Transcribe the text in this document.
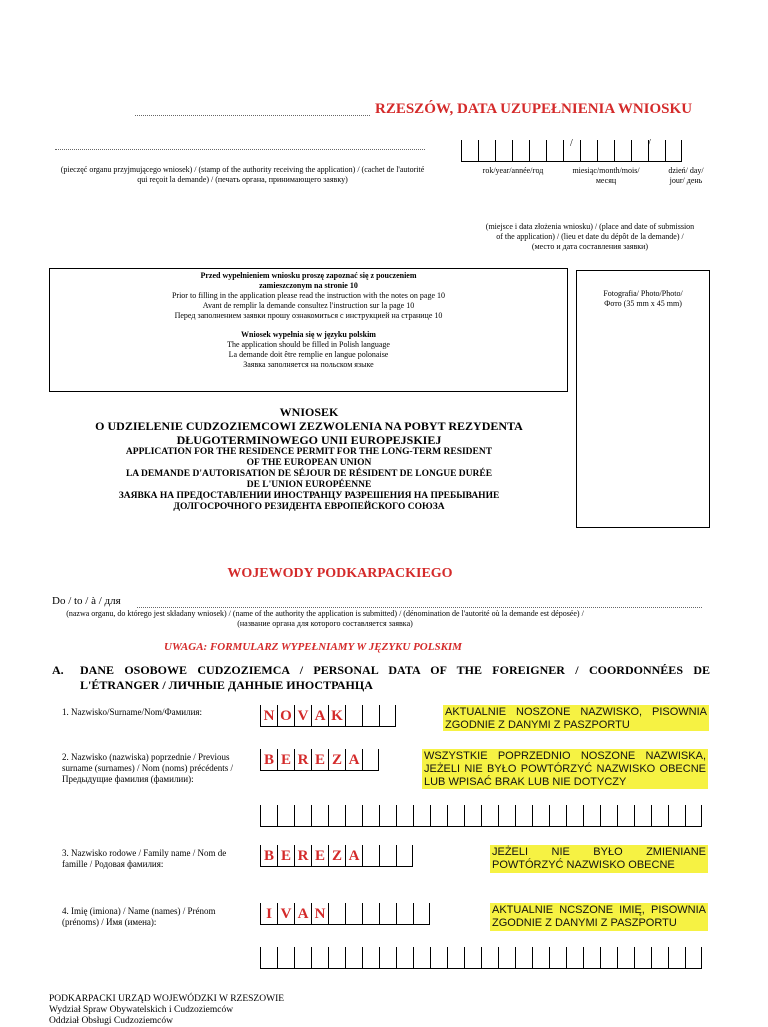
RZESZÓW, DATA UZUPEŁNIENIA WNIOSKU
(pieczęć organu przyjmującego wniosek) / (stamp of the authority receiving the application) / (cachet de l'autorité qui reçoit la demande) / (печать органа, принимающего заявку)
/	/
rok/year/année/год	miesiąc/month/mois/ месяц
dzień/ day/ jour/ день
(miejsce i data złożenia wniosku) / (place and date of submission of the application) / (lieu et date du dépôt de la demande) / (место и дата составления заявки)
Przed wypełnieniem wniosku proszę zapoznać się z pouczeniem
zamieszczonym na stronie 10
Prior to filling in the application please read the instruction with the notes on page 10
Avant de remplir la demande consultez l'instruction sur la page 10
Перед заполнением заявки прошу ознакомиться с инструкцией на странице 10
Wniosek wypełnia się w języku polskim
The application should be filled in Polish language
La demande doit être remplie en langue polonaise
Заявка заполняется на польском языке
Fotografia/ Photo/Photo/Фото (35 mm x 45 mm)
WNIOSEK
O UDZIELENIE CUDZOZIEMCOWI ZEZWOLENIA NA POBYT REZYDENTA
DŁUGOTERMINOWEGO UNII EUROPEJSKIEJ
APPLICATION FOR THE RESIDENCE PERMIT FOR THE LONG-TERM RESIDENT
OF THE EUROPEAN UNION
LA DEMANDE D'AUTORISATION DE SÉJOUR DE RÉSIDENT DE LONGUE DURÉE
DE L'UNION EUROPÉENNE
ЗАЯВКА НА ПРЕДОСТАВЛЕНИИ ИНОСТРАНЦУ РАЗРЕШЕНИЯ НА ПРЕБЫВАНИЕ
ДОЛГОСРОЧНОГО РЕЗИДЕНТА ЕВРОПЕЙСКОГО СОЮЗА
WOJEWODY PODKARPACKIEGO
Do / to / à / для
(nazwa organu, do którego jest składany wniosek) / (name of the authority the application is submitted) / (dénomination de l'autorité où la demande est déposée) / (название органа для которого составляется заявка)
UWAGA: FORMULARZ WYPEŁNIAMY W JĘZYKU POLSKIM
A. DANE OSOBOWE CUDZOZIEMCA / PERSONAL DATA OF THE FOREIGNER / COORDONNÉES DE L'ÉTRANGER / ЛИЧНЫЕ ДАННЫЕ ИНОСТРАНЦА
1. Nazwisko/Surname/Nom/Фамилия:	N O V A K	AKTUALNIE NOSZONE NAZWISKO, PISOWNIA ZGODNIE Z DANYMI Z PASZPORTU
2. Nazwisko (nazwiska) poprzednie / Previous surname (surnames) / Nom (noms) précédents / Предыдущие фамилия (фамилии):
B E R E Z A	WSZYSTKIE POPRZEDNIO NOSZONE NAZWISKA, JEŻELI NIE BYŁO POWTÓRZYĆ NAZWISKO OBECNE LUB WPISAĆ BRAK LUB NIE DOTYCZY
3. Nazwisko rodowe / Family name / Nom de famille / Родовая фамилия:	B E R E Z A	JEŻELI NIE BYŁO ZMIENIANE POWTÓRZYĆ NAZWISKO OBECNE
4. Imię (imiona) / Name (names) / Prénom (prénoms) / Имя (имена):	I V A N	AKTUALNIE NCSZONE IMIĘ, PISOWNIA ZGODNIE Z DANYMI Z PASZPORTU
PODKARPACKI URZĄD WOJEWÓDZKI W RZESZOWIE
Wydział Spraw Obywatelskich i Cudzoziemców
Oddział Obsługi Cudzoziemców
